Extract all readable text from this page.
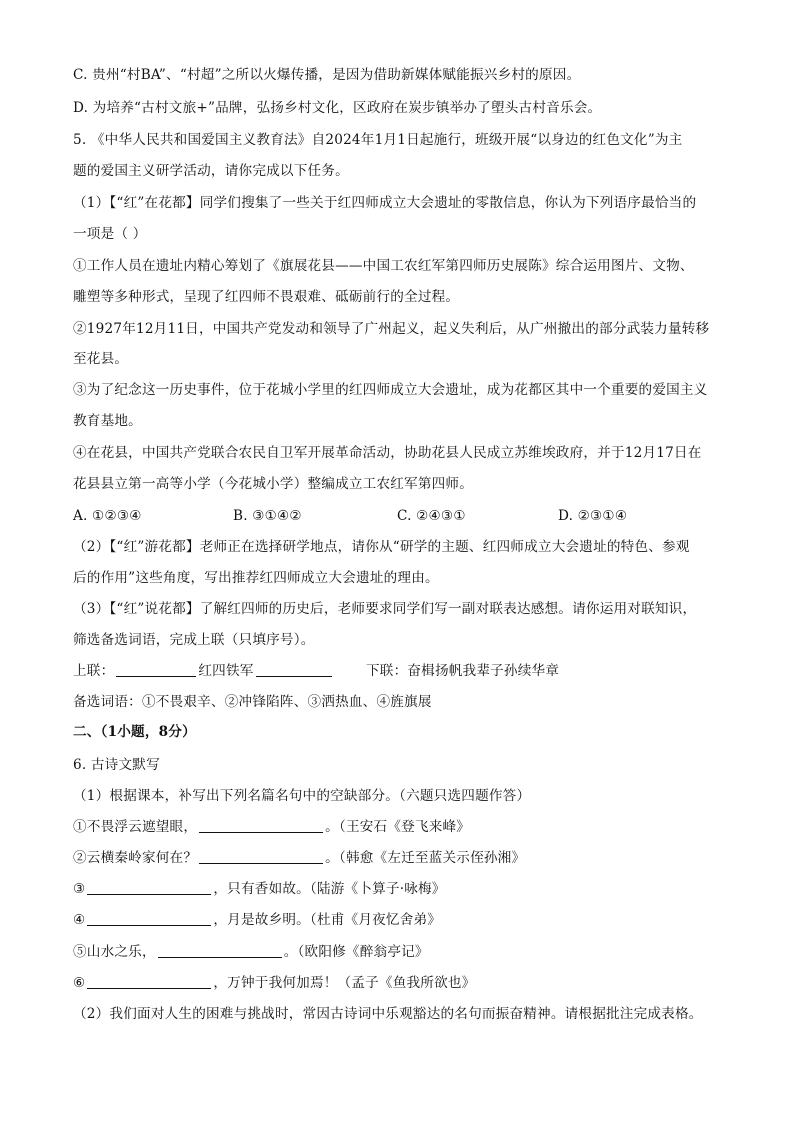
C. 贵州“村BA”、“村超”之所以火爆传播，是因为借助新媒体赋能振兴乡村的原因。
D. 为培养“古村文旅+”品牌，弘扬乡村文化，区政府在炭步镇举办了塱头古村音乐会。
5. 《中华人民共和国爱国主义教育法》自2024年1月1日起施行，班级开展“以身边的红色文化”为主
题的爱国主义研学活动，请你完成以下任务。
（1）【“红”在花都】同学们搜集了一些关于红四师成立大会遗址的零散信息，你认为下列语序最恰当的
一项是（ ）
①工作人员在遗址内精心筹划了《旗展花县——中国工农红军第四师历史展陈》综合运用图片、文物、
雕塑等多种形式，呈现了红四师不畏艰难、砥砺前行的全过程。
②1927年12月11日，中国共产党发动和领导了广州起义，起义失利后，从广州撤出的部分武装力量转移
至花县。
③为了纪念这一历史事件，位于花城小学里的红四师成立大会遗址，成为花都区其中一个重要的爱国主义
教育基地。
④在花县，中国共产党联合农民自卫军开展革命活动，协助花县人民成立苏维埃政府，并于12月17日在
花县县立第一高等小学（今花城小学）整编成立工农红军第四师。
A. ①②③④	B. ③①④②	C. ②④③①	D. ②③①④
（2）【“红”游花都】老师正在选择研学地点，请你从“研学的主题、红四师成立大会遗址的特色、参观
后的作用”这些角度，写出推荐红四师成立大会遗址的理由。
（3）【“红”说花都】了解红四师的历史后，老师要求同学们写一副对联表达感想。请你运用对联知识，
筛选备选词语，完成上联（只填序号）。
上联：	红四铁军	下联：奋楫扬帆我辈子孙续华章
备选词语：①不畏艰辛、②冲锋陷阵、③洒热血、④旌旗展
二、（1小题，8分）
6. 古诗文默写
（1）根据课本，补写出下列名篇名句中的空缺部分。（六题只选四题作答）
①不畏浮云遮望眼，	。（王安石《登飞来峰》
②云横秦岭家何在？	。（韩愈《左迁至蓝关示侄孙湘》
③	，只有香如故。（陆游《卜算子·咏梅》
④	，月是故乡明。（杜甫《月夜忆舍弟》
⑤山水之乐，	。（欧阳修《醉翁亭记》
⑥	，万钟于我何加焉！（孟子《鱼我所欲也》
（2）我们面对人生的困难与挑战时，常因古诗词中乐观豁达的名句而振奋精神。请根据批注完成表格。
